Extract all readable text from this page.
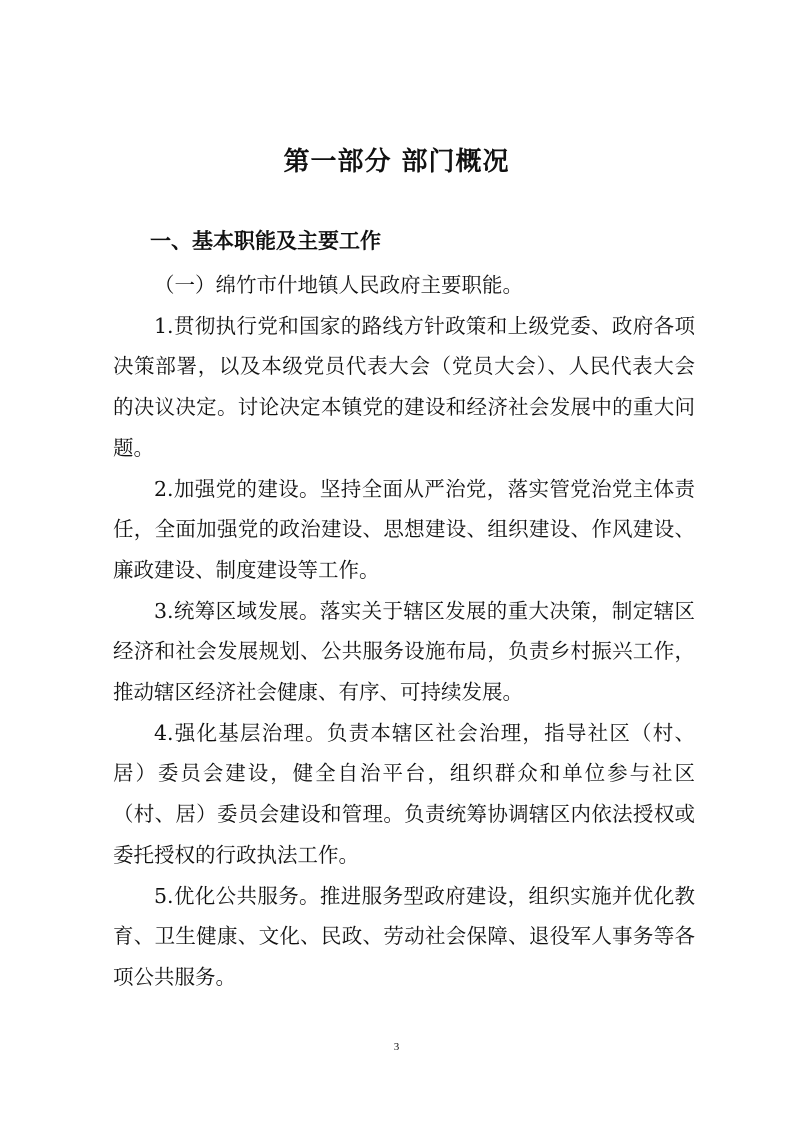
第一部分 部门概况
一、基本职能及主要工作

（一）绵竹市什地镇人民政府主要职能。

1.贯彻执行党和国家的路线方针政策和上级党委、政府各项决策部署，以及本级党员代表大会（党员大会）、人民代表大会的决议决定。讨论决定本镇党的建设和经济社会发展中的重大问题。

2.加强党的建设。坚持全面从严治党，落实管党治党主体责任，全面加强党的政治建设、思想建设、组织建设、作风建设、廉政建设、制度建设等工作。

3.统筹区域发展。落实关于辖区发展的重大决策，制定辖区经济和社会发展规划、公共服务设施布局，负责乡村振兴工作，推动辖区经济社会健康、有序、可持续发展。

4.强化基层治理。负责本辖区社会治理，指导社区（村、居）委员会建设，健全自治平台，组织群众和单位参与社区（村、居）委员会建设和管理。负责统筹协调辖区内依法授权或委托授权的行政执法工作。

5.优化公共服务。推进服务型政府建设，组织实施并优化教育、卫生健康、文化、民政、劳动社会保障、退役军人事务等各项公共服务。

3
